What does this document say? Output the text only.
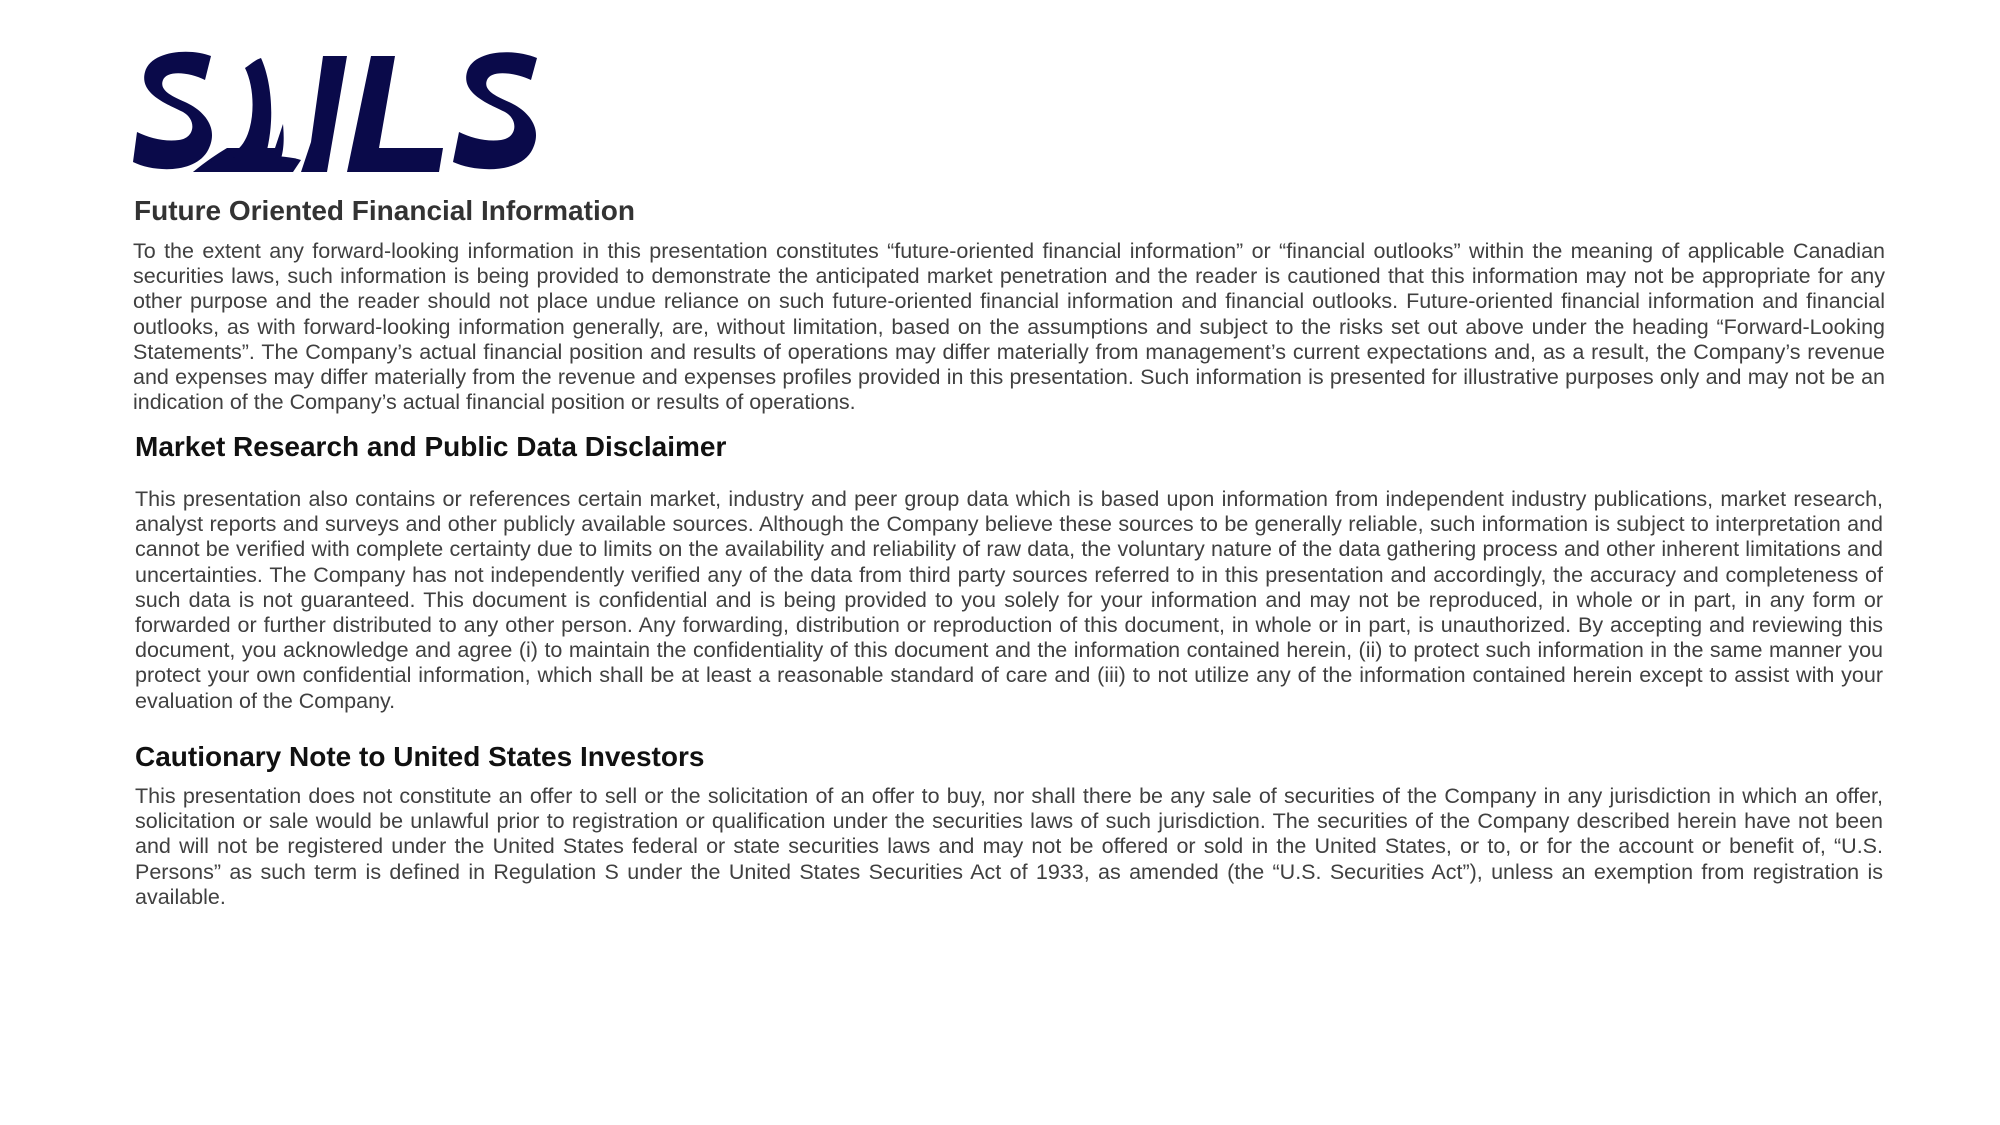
Future Oriented Financial Information

To the extent any forward-looking information in this presentation constitutes “future-oriented financial information” or “financial outlooks” within the meaning of applicable Canadian securities laws, such information is being provided to demonstrate the anticipated market penetration and the reader is cautioned that this information may not be appropriate for any other purpose and the reader should not place undue reliance on such future-oriented financial information and financial outlooks. Future-oriented financial information and financial outlooks, as with forward-looking information generally, are, without limitation, based on the assumptions and subject to the risks set out above under the heading “Forward-Looking Statements”. The Company’s actual financial position and results of operations may differ materially from management’s current expectations and, as a result, the Company’s revenue and expenses may differ materially from the revenue and expenses profiles provided in this presentation. Such information is presented for illustrative purposes only and may not be an indication of the Company’s actual financial position or results of operations.

Market Research and Public Data Disclaimer

This presentation also contains or references certain market, industry and peer group data which is based upon information from independent industry publications, market research, analyst reports and surveys and other publicly available sources. Although the Company believe these sources to be generally reliable, such information is subject to interpretation and cannot be verified with complete certainty due to limits on the availability and reliability of raw data, the voluntary nature of the data gathering process and other inherent limitations and uncertainties. The Company has not independently verified any of the data from third party sources referred to in this presentation and accordingly, the accuracy and completeness of such data is not guaranteed. This document is confidential and is being provided to you solely for your information and may not be reproduced, in whole or in part, in any form or forwarded or further distributed to any other person. Any forwarding, distribution or reproduction of this document, in whole or in part, is unauthorized. By accepting and reviewing this document, you acknowledge and agree (i) to maintain the confidentiality of this document and the information contained herein, (ii) to protect such information in the same manner you protect your own confidential information, which shall be at least a reasonable standard of care and (iii) to not utilize any of the information contained herein except to assist with your evaluation of the Company.

Cautionary Note to United States Investors

This presentation does not constitute an offer to sell or the solicitation of an offer to buy, nor shall there be any sale of securities of the Company in any jurisdiction in which an offer, solicitation or sale would be unlawful prior to registration or qualification under the securities laws of such jurisdiction. The securities of the Company described herein have not been and will not be registered under the United States federal or state securities laws and may not be offered or sold in the United States, or to, or for the account or benefit of, “U.S. Persons” as such term is defined in Regulation S under the United States Securities Act of 1933, as amended (the “U.S. Securities Act”), unless an exemption from registration is available.
